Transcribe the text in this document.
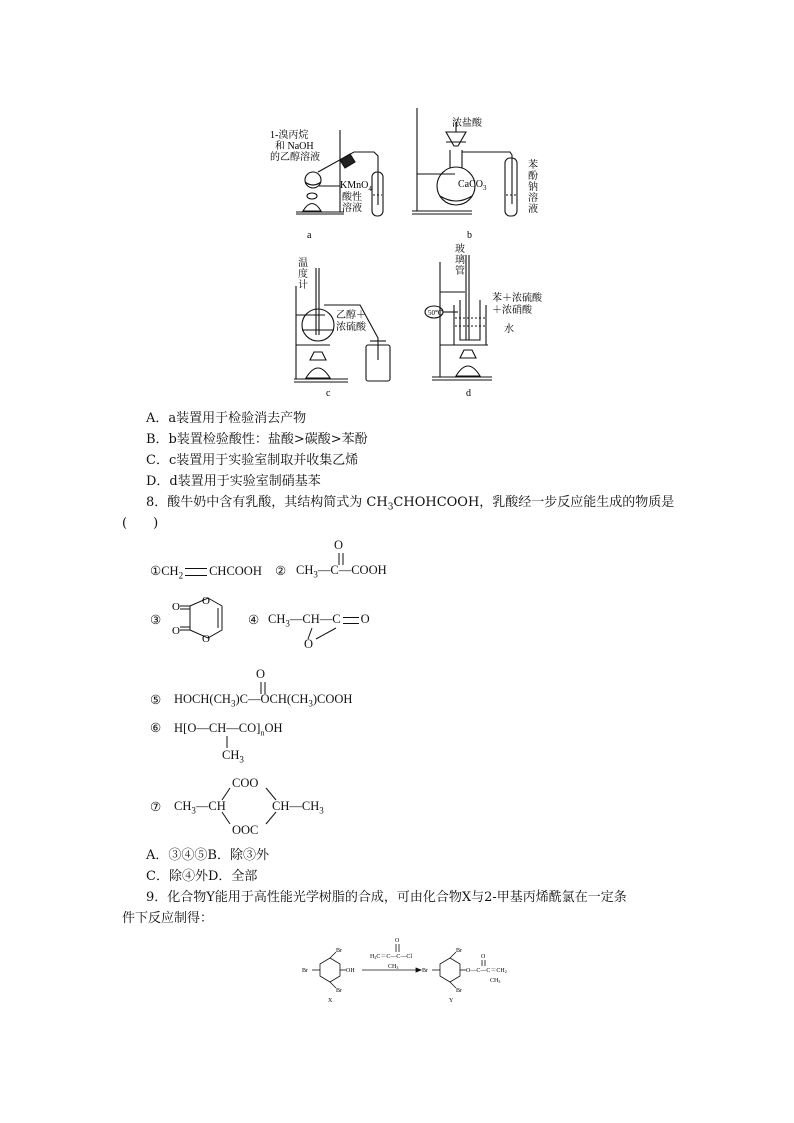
1-溴丙烷
和 NaOH
的乙醇溶液
KMnO$_4$
酸性
溶液
a
浓盐酸
CaCO$_3$
苯
酚
钠
溶
液
b
温
度
计
乙醇＋
浓硫酸
c
玻
璃
管
苯＋浓硫酸
＋浓硝酸
水
50℃
d
A．a装置用于检验消去产物
B．b装置检验酸性：盐酸>碳酸>苯酚
C．c装置用于实验室制取并收集乙烯
D．d装置用于实验室制硝基苯
8．酸牛奶中含有乳酸，其结构简式为 $CH_3CHOHCOOH$，乳酸经一步反应能生成的物质是
(　　)
$①CH_2$ CHCOOH ② $CH_3—C—COOH$
O
③
O
O
O
O
④ $CH_3—CH—C$ O
O
⑤ $HOCH(CH_3)C—OCH(CH_3)COOH$
O
⑥ $H[O—CH—CO]_nOH$
$CH_3$
⑦ $CH_3—CH$
COO
OOC
$CH—CH_3$
A．③④⑤B．除③外
C．除④外D．全部
9．化合物Y能用于高性能光学树脂的合成，可由化合物X与2-甲基丙烯酰氯在一定条
件下反应制得：
Br
Br
Br
OH
X
H2C＝C—C—Cl
O
CH3
Br
Br
Br
O—C—C＝CH2
O
CH3
Y
